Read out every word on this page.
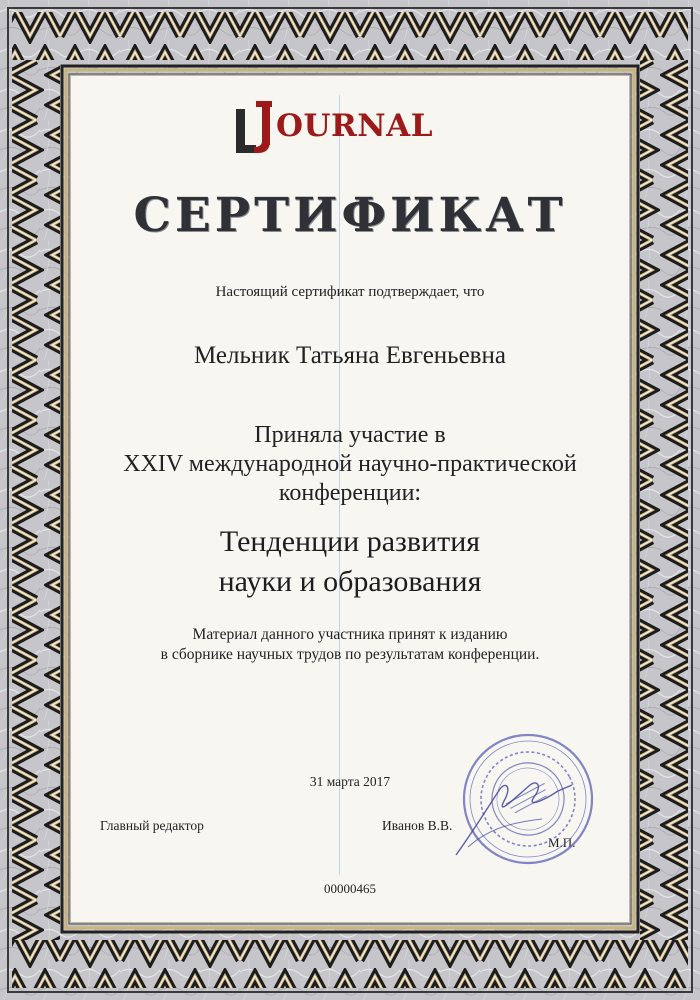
OURNAL
СЕРТИФИКАТ
Настоящий сертификат подтверждает, что
Мельник Татьяна Евгеньевна
Приняла участие в
XXIV международной научно-практической
конференции:
Тенденции развития
науки и образования
Материал данного участника принят к изданию
в сборнике научных трудов по результатам конференции.
31 марта 2017
Главный редактор	Иванов В.В.
М.П.
00000465
